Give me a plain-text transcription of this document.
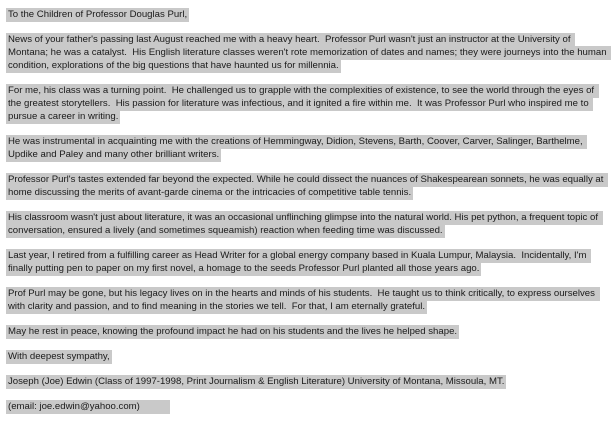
To the Children of Professor Douglas Purl,

News of your father's passing last August reached me with a heavy heart.  Professor Purl wasn't just an instructor at the University of Montana; he was a catalyst.  His English literature classes weren't rote memorization of dates and names; they were journeys into the human condition, explorations of the big questions that have haunted us for millennia.

For me, his class was a turning point.  He challenged us to grapple with the complexities of existence, to see the world through the eyes of the greatest storytellers.  His passion for literature was infectious, and it ignited a fire within me.  It was Professor Purl who inspired me to pursue a career in writing.

He was instrumental in acquainting me with the creations of Hemmingway, Didion, Stevens, Barth, Coover, Carver, Salinger, Barthelme, Updike and Paley and many other brilliant writers.

Professor Purl's tastes extended far beyond the expected. While he could dissect the nuances of Shakespearean sonnets, he was equally at home discussing the merits of avant-garde cinema or the intricacies of competitive table tennis.

His classroom wasn't just about literature, it was an occasional unflinching glimpse into the natural world. His pet python, a frequent topic of conversation, ensured a lively (and sometimes squeamish) reaction when feeding time was discussed.

Last year, I retired from a fulfilling career as Head Writer for a global energy company based in Kuala Lumpur, Malaysia.  Incidentally, I'm finally putting pen to paper on my first novel, a homage to the seeds Professor Purl planted all those years ago.

Prof Purl may be gone, but his legacy lives on in the hearts and minds of his students.  He taught us to think critically, to express ourselves with clarity and passion, and to find meaning in the stories we tell.  For that, I am eternally grateful.

May he rest in peace, knowing the profound impact he had on his students and the lives he helped shape.

With deepest sympathy,

Joseph (Joe) Edwin (Class of 1997-1998, Print Journalism & English Literature) University of Montana, Missoula, MT.

(email: joe.edwin@yahoo.com)
